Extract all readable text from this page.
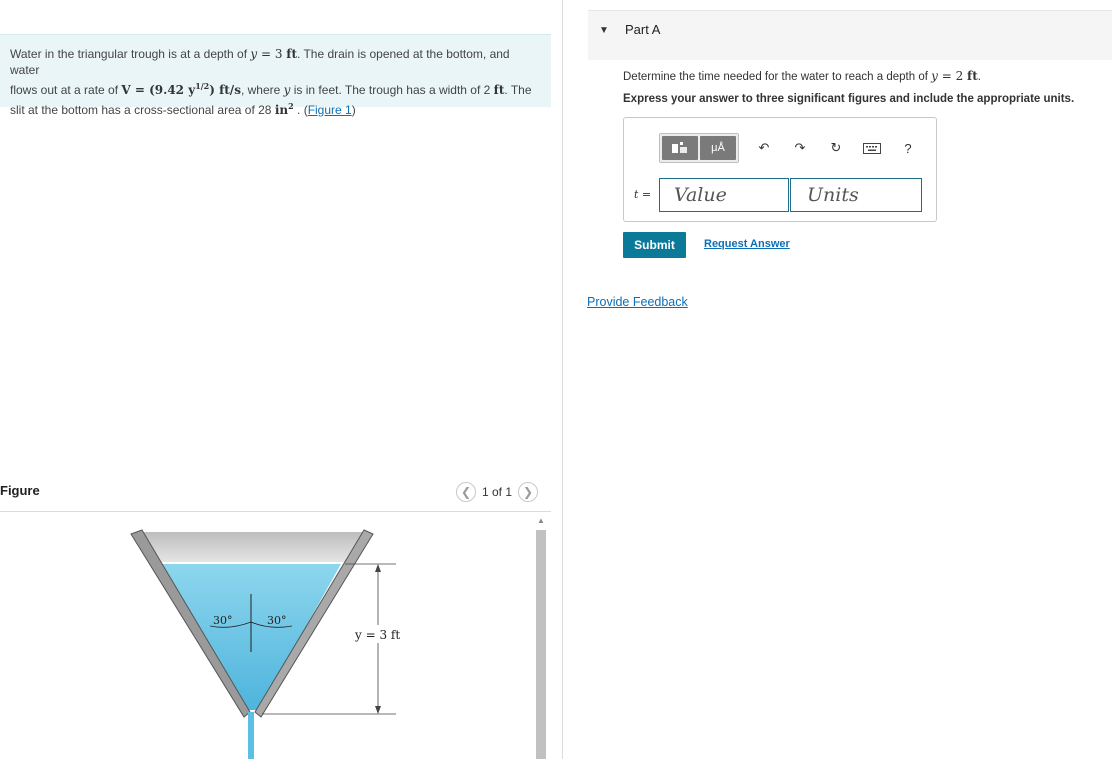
Water in the triangular trough is at a depth of y = 3 ft. The drain is opened at the bottom, and water
flows out at a rate of V = (9.42 $y^{1/2}$) ft/s, where y is in feet. The trough has a width of 2 ft. The
slit at the bottom has a cross-sectional area of 28 $in^2$ . (Figure 1)
Figure	❮ 1 of 1 ❯
30°	30°
y = 3 ft
▲
▼ Part A
Determine the time needed for the water to reach a depth of y = 2 ft.
Express your answer to three significant figures and include the appropriate units.
μÅ	↶	↷	↻	?
t =	Value	Units
Submit	Request Answer
Provide Feedback
